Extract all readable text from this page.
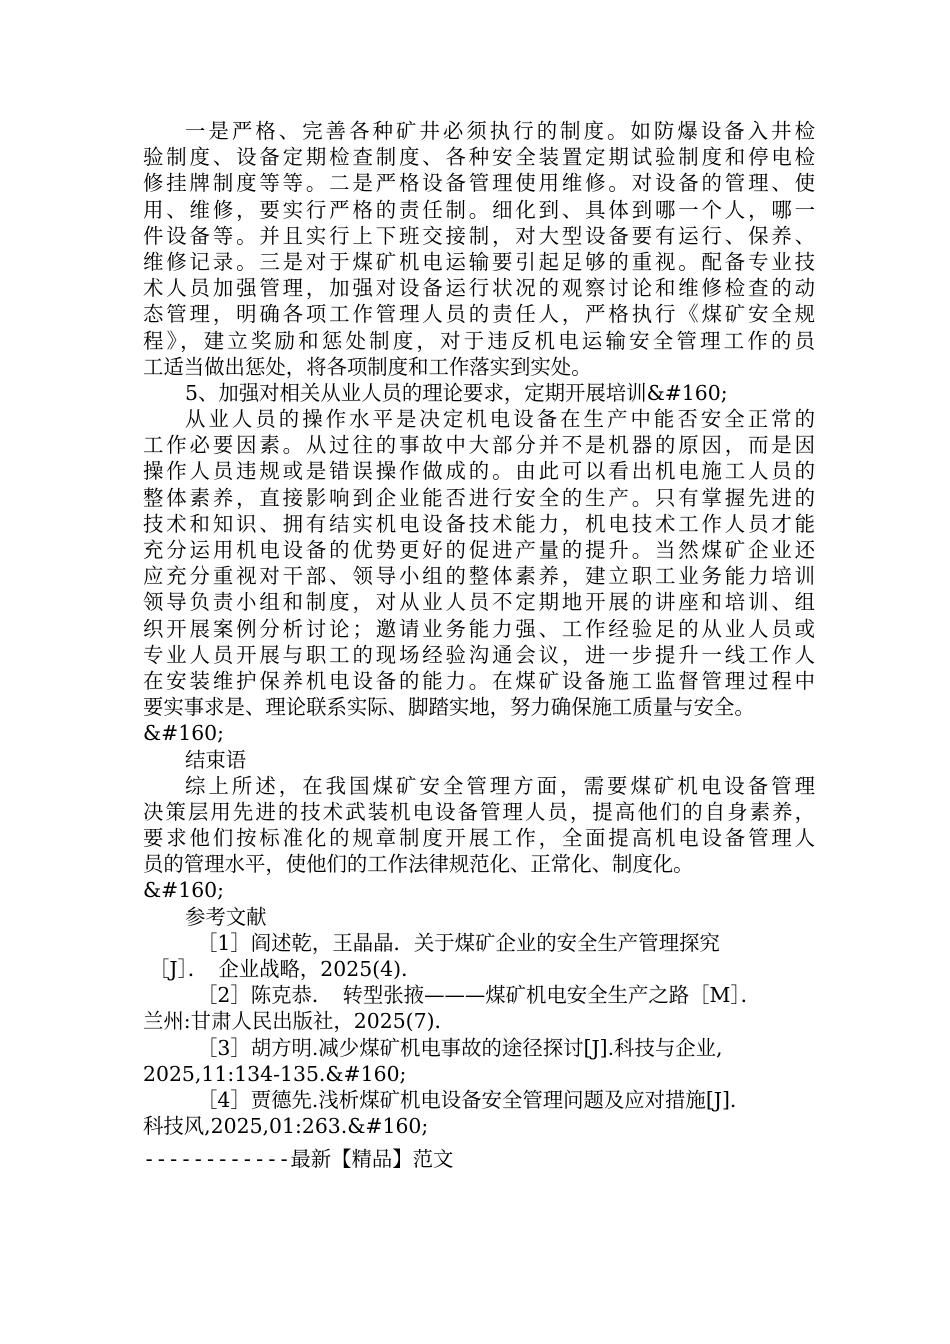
一是严格、完善各种矿井必须执行的制度。如防爆设备入井检
验制度、设备定期检查制度、各种安全装置定期试验制度和停电检
修挂牌制度等等。二是严格设备管理使用维修。对设备的管理、使
用、维修，要实行严格的责任制。细化到、具体到哪一个人，哪一
件设备等。并且实行上下班交接制，对大型设备要有运行、保养、
维修记录。三是对于煤矿机电运输要引起足够的重视。配备专业技
术人员加强管理，加强对设备运行状况的观察讨论和维修检查的动
态管理，明确各项工作管理人员的责任人，严格执行《煤矿安全规
程》，建立奖励和惩处制度，对于违反机电运输安全管理工作的员
工适当做出惩处，将各项制度和工作落实到实处。
5、加强对相关从业人员的理论要求，定期开展培训&#160;
从业人员的操作水平是决定机电设备在生产中能否安全正常的
工作必要因素。从过往的事故中大部分并不是机器的原因，而是因
操作人员违规或是错误操作做成的。由此可以看出机电施工人员的
整体素养，直接影响到企业能否进行安全的生产。只有掌握先进的
技术和知识、拥有结实机电设备技术能力，机电技术工作人员才能
充分运用机电设备的优势更好的促进产量的提升。当然煤矿企业还
应充分重视对干部、领导小组的整体素养，建立职工业务能力培训
领导负责小组和制度，对从业人员不定期地开展的讲座和培训、组
织开展案例分析讨论；邀请业务能力强、工作经验足的从业人员或
专业人员开展与职工的现场经验沟通会议，进一步提升一线工作人
在安装维护保养机电设备的能力。在煤矿设备施工监督管理过程中
要实事求是、理论联系实际、脚踏实地，努力确保施工质量与安全。
&#160;
结束语
综上所述，在我国煤矿安全管理方面，需要煤矿机电设备管理
决策层用先进的技术武装机电设备管理人员，提高他们的自身素养，
要求他们按标准化的规章制度开展工作，全面提高机电设备管理人
员的管理水平，使他们的工作法律规范化、正常化、制度化。
&#160;
参考文献
［1］阎述乾，王晶晶．关于煤矿企业的安全生产管理探究
［J］．　企业战略，2025(4)．
［2］陈克恭．　转型张掖———煤矿机电安全生产之路［M］．
兰州:甘肃人民出版社，2025(7)．
［3］胡方明.减少煤矿机电事故的途径探讨[J].科技与企业,
2025,11:134-135.&#160;
［4］贾德先.浅析煤矿机电设备安全管理问题及应对措施[J].
科技风,2025,01:263.&#160;
------------最新【精品】范文
